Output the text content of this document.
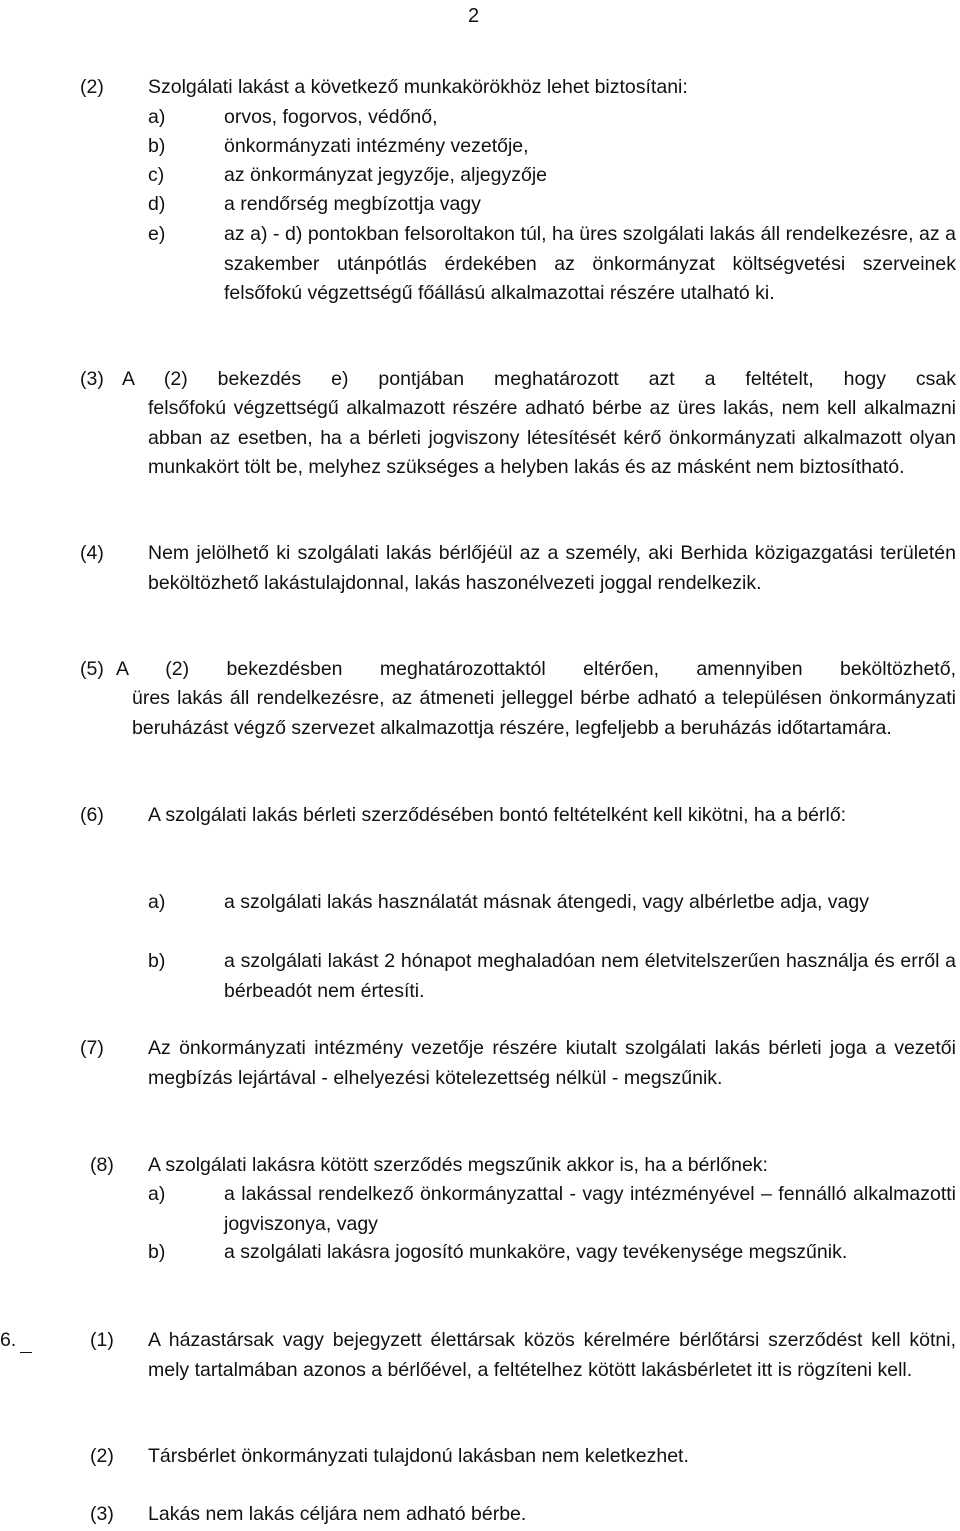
2
(2) Szolgálati lakást a következő munkakörökhöz lehet biztosítani:
a)	orvos, fogorvos, védőnő,
b)	önkormányzati intézmény vezetője,
c)	az önkormányzat jegyzője, aljegyzője
d)	a rendőrség megbízottja vagy
e)	az a) - d) pontokban felsoroltakon túl, ha üres szolgálati lakás áll rendelkezésre, az a szakember utánpótlás érdekében az önkormányzat költségvetési szerveinek felsőfokú végzettségű főállású alkalmazottai részére utalható ki.
(3) A (2) bekezdés e) pontjában meghatározott azt a feltételt, hogy csak
felsőfokú végzettségű alkalmazott részére adható bérbe az üres lakás, nem kell alkalmazni abban az esetben, ha a bérleti jogviszony létesítését kérő önkormányzati alkalmazott olyan munkakört tölt be, melyhez szükséges a helyben lakás és az másként nem biztosítható.
(4) Nem jelölhető ki szolgálati lakás bérlőjéül az a személy, aki Berhida közigazgatási területén beköltözhető lakástulajdonnal, lakás haszonélvezeti joggal rendelkezik.
(5) A (2) bekezdésben meghatározottaktól eltérően, amennyiben beköltözhető,
üres lakás áll rendelkezésre, az átmeneti jelleggel bérbe adható a településen önkormányzati beruházást végző szervezet alkalmazottja részére, legfeljebb a beruházás időtartamára.
(6) A szolgálati lakás bérleti szerződésében bontó feltételként kell kikötni, ha a bérlő:
a)	a szolgálati lakás használatát másnak átengedi, vagy albérletbe adja, vagy
b)	a szolgálati lakást 2 hónapot meghaladóan nem életvitelszerűen használja és erről a bérbeadót nem értesíti.
(7) Az önkormányzati intézmény vezetője részére kiutalt szolgálati lakás bérleti joga a vezetői megbízás lejártával - elhelyezési kötelezettség nélkül - megszűnik.
(8) A szolgálati lakásra kötött szerződés megszűnik akkor is, ha a bérlőnek:
a)	a lakással rendelkező önkormányzattal - vagy intézményével – fennálló alkalmazotti jogviszonya, vagy
b)	a szolgálati lakásra jogosító munkaköre, vagy tevékenysége megszűnik.
6.	(1) A házastársak vagy bejegyzett élettársak közös kérelmére bérlőtársi szerződést kell kötni, mely tartalmában azonos a bérlőével, a feltételhez kötött lakásbérletet itt is rögzíteni kell.
(2) Társbérlet önkormányzati tulajdonú lakásban nem keletkezhet.
(3) Lakás nem lakás céljára nem adható bérbe.
